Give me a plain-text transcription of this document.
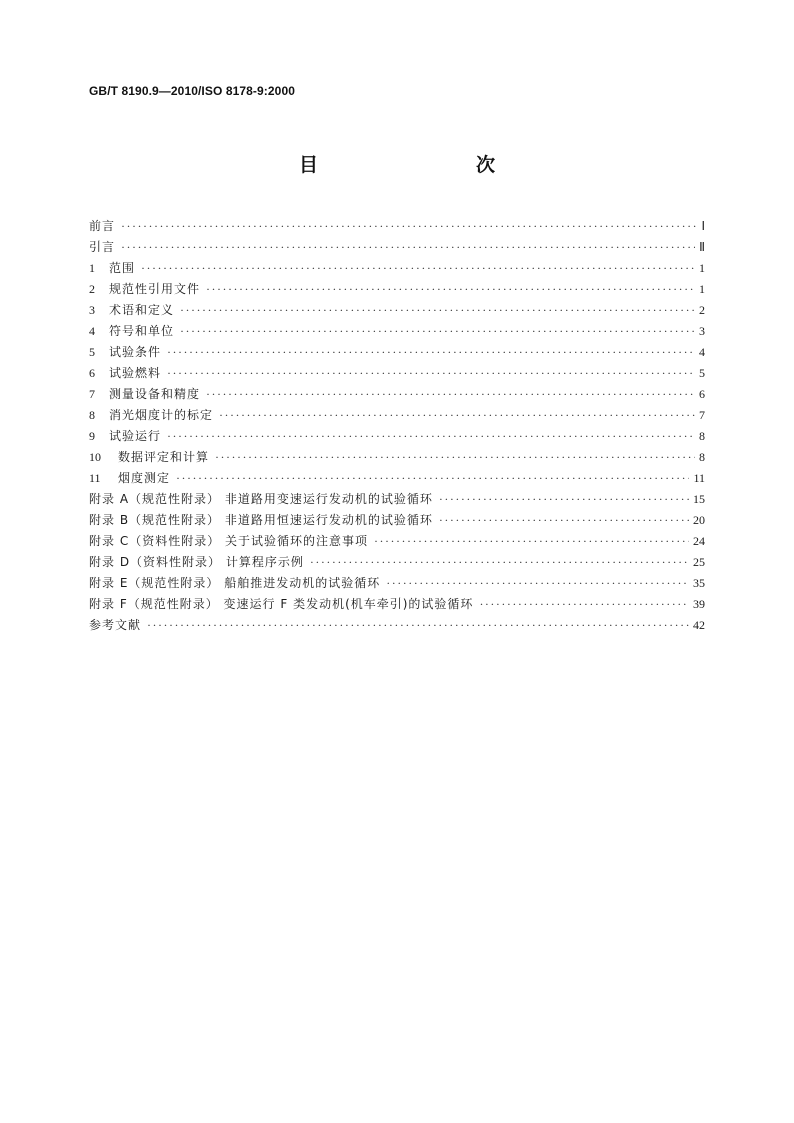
GB/T 8190.9—2010/ISO 8178-9:2000
目　　次
前言 ·····	Ⅰ
引言 ·····	Ⅱ
1 范围 ·····	1
2 规范性引用文件 ·····	1
3 术语和定义 ·····	2
4 符号和单位 ·····	3
5 试验条件 ·····	4
6 试验燃料 ·····	5
7 测量设备和精度 ·····	6
8 消光烟度计的标定 ·····	7
9 试验运行 ·····	8
10 数据评定和计算 ·····	8
11 烟度测定 ·····	11
附录 A（规范性附录） 非道路用变速运行发动机的试验循环 ·····	15
附录 B（规范性附录） 非道路用恒速运行发动机的试验循环 ·····	20
附录 C（资料性附录） 关于试验循环的注意事项 ·····	24
附录 D（资料性附录） 计算程序示例 ·····	25
附录 E（规范性附录） 船舶推进发动机的试验循环 ·····	35
附录 F（规范性附录） 变速运行 F 类发动机(机车牵引)的试验循环 ·····	39
参考文献 ·····	42
